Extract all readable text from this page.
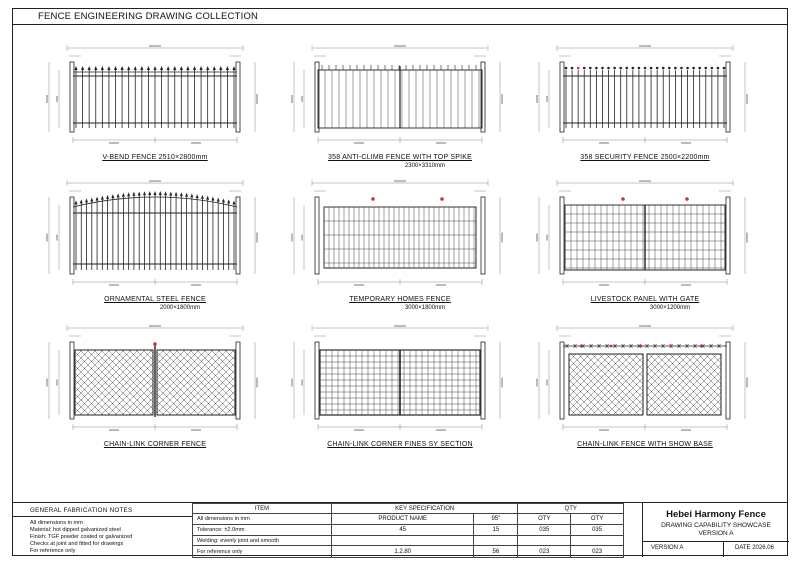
FENCE ENGINEERING DRAWING COLLECTION
V-BEND FENCE 2510×2800mm	358 ANTI-CLIMB FENCE WITH TOP SPIKE
2300×3310mm
358 SECURITY FENCE 2500×2200mm
ORNAMENTAL STEEL FENCE
2000×1800mm
TEMPORARY HOMES FENCE
3000×1800mm
LIVESTOCK PANEL WITH GATE
3000×1200mm
CHAIN-LINK CORNER FENCE	CHAIN-LINK CORNER FINES SY SECTION	CHAIN-LINK FENCE WITH SHOW BASE
GENERAL FABRICATION NOTES
All dimensions in mm
Material: hot dipped galvanized steel
Finish: TGF powder coated or galvanized
Checks at joint and fitted for drawings
For reference only
ITEM	KEY SPECIFICATION		QTY	
All dimensions in mm	PRODUCT NAME	95"	OTY	OTY
Tolerance: ±2.0mm	45	15	035	035
Welding: evenly joint and smooth				
For reference only	1.2.80	56	023	023
Hebei Harmony Fence
DRAWING CAPABILITY SHOWCASE
VERSION A
VERSION A	DATE 2026.06
